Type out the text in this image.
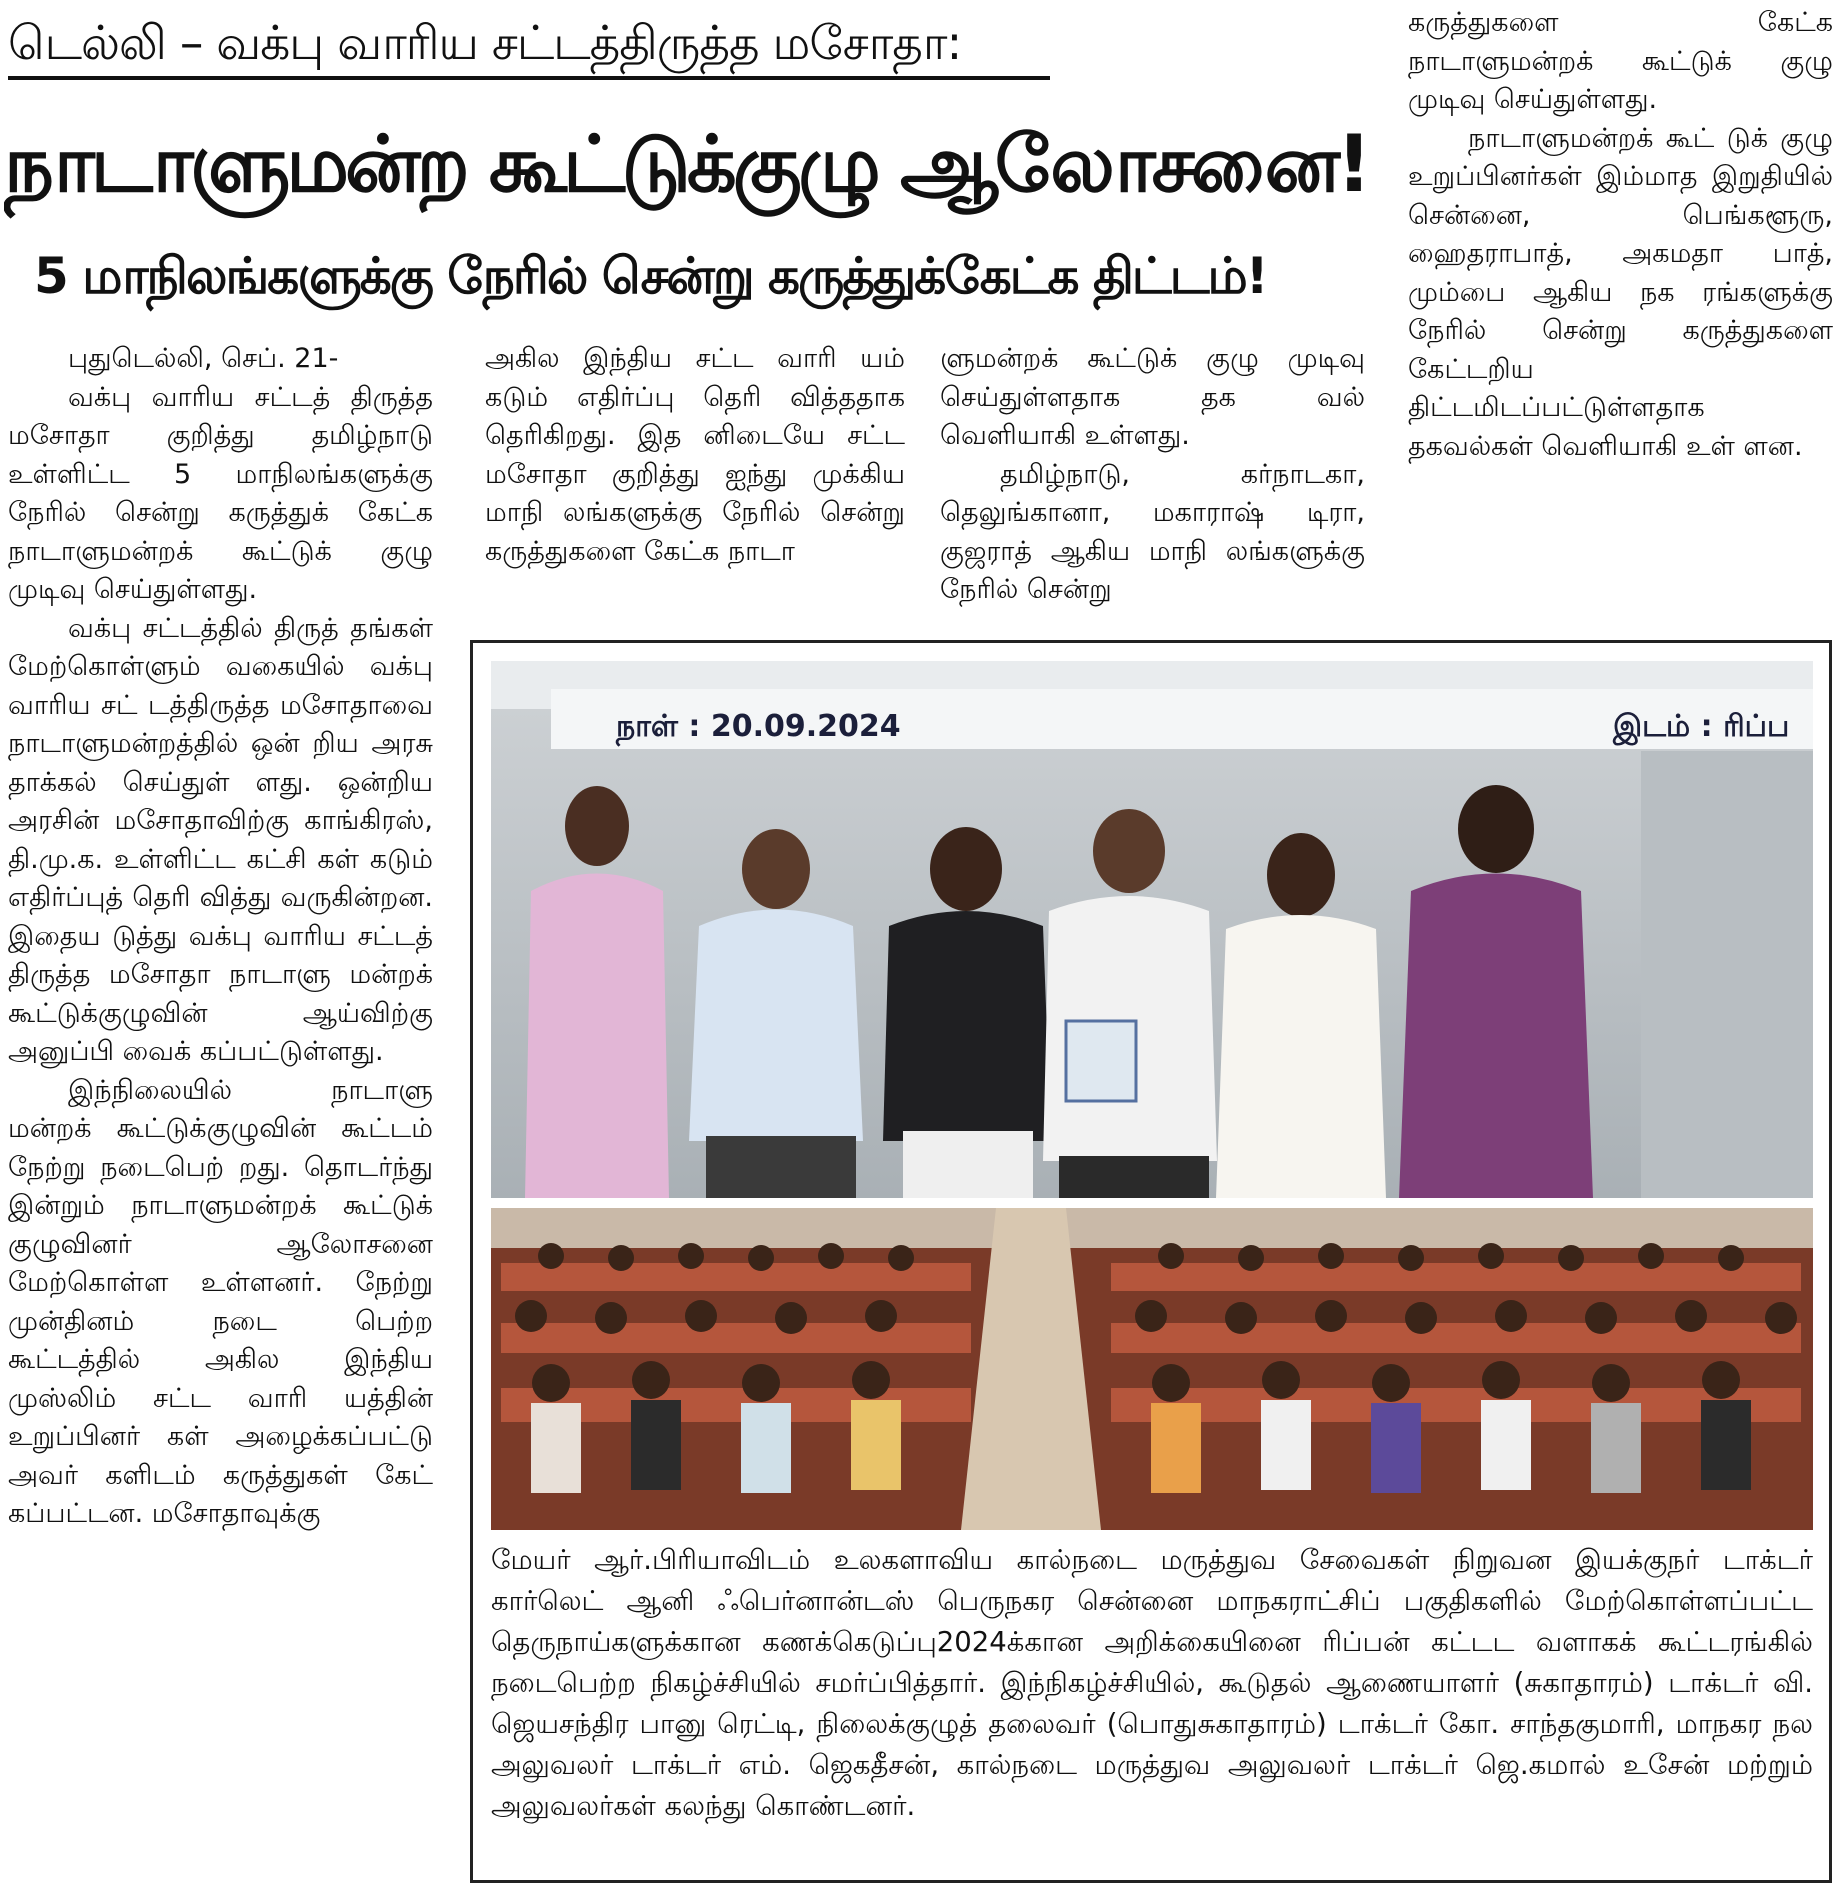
டெல்லி – வக்பு வாரிய சட்டத்திருத்த மசோதா:
நாடாளுமன்ற கூட்டுக்குழு ஆலோசனை!
5 மாநிலங்களுக்கு நேரில் சென்று கருத்துக்கேட்க திட்டம்!

புதுடெல்லி, செப். 21-

வக்பு வாரிய சட்டத் திருத்த மசோதா குறித்து தமிழ்நாடு உள்ளிட்ட 5 மாநிலங்களுக்கு நேரில் சென்று கருத்துக் கேட்க நாடாளுமன்றக் கூட்டுக் குழு முடிவு செய்துள்ளது.

வக்பு சட்டத்தில் திருத் தங்கள் மேற்கொள்ளும் வகையில் வக்பு வாரிய சட் டத்திருத்த மசோதாவை நாடாளுமன்றத்தில் ஒன் றிய அரசு தாக்கல் செய்துள் ளது. ஒன்றிய அரசின் மசோதாவிற்கு காங்கிரஸ், தி.மு.க. உள்ளிட்ட கட்சி கள் கடும் எதிர்ப்புத் தெரி வித்து வருகின்றன. இதைய டுத்து வக்பு வாரிய சட்டத் திருத்த மசோதா நாடாளு மன்றக் கூட்டுக்குழுவின் ஆய்விற்கு அனுப்பி வைக் கப்பட்டுள்ளது.

இந்நிலையில் நாடாளு மன்றக் கூட்டுக்குழுவின் கூட்டம் நேற்று நடைபெற் றது. தொடர்ந்து இன்றும் நாடாளுமன்றக் கூட்டுக் குழுவினர் ஆலோசனை மேற்கொள்ள உள்ளனர். நேற்று முன்தினம் நடை பெற்ற கூட்டத்தில் அகில இந்திய முஸ்லிம் சட்ட வாரி யத்தின் உறுப்பினர் கள் அழைக்கப்பட்டு அவர் களிடம் கருத்துகள் கேட் கப்பட்டன. மசோதாவுக்கு

அகில இந்திய சட்ட வாரி யம் கடும் எதிர்ப்பு தெரி வித்ததாக தெரிகிறது. இத னிடையே சட்ட மசோதா குறித்து ஐந்து முக்கிய மாநி லங்களுக்கு நேரில் சென்று கருத்துகளை கேட்க நாடா

ளுமன்றக் கூட்டுக் குழு முடிவு செய்துள்ளதாக தக வல் வெளியாகி உள்ளது.

தமிழ்நாடு, கர்நாடகா, தெலுங்கானா, மகாராஷ் டிரா, குஜராத் ஆகிய மாநி லங்களுக்கு நேரில் சென்று

கருத்துகளை கேட்க நாடாளுமன்றக் கூட்டுக் குழு முடிவு செய்துள்ளது.

நாடாளுமன்றக் கூட் டுக் குழு உறுப்பினர்கள் இம்மாத இறுதியில் சென்னை, பெங்களூரு, ஹைதராபாத், அகமதா பாத், மும்பை ஆகிய நக ரங்களுக்கு நேரில் சென்று கருத்துகளை கேட்டறிய திட்டமிடப்பட்டுள்ளதாக தகவல்கள் வெளியாகி உள் ளன.

நாள் : 20.09.2024	இடம் : ரிப்ப

மேயர் ஆர்.பிரியாவிடம் உலகளாவிய கால்நடை மருத்துவ சேவைகள் நிறுவன இயக்குநர் டாக்டர் கார்லெட் ஆனி ஃபெர்னான்டஸ் பெருநகர சென்னை மாநகராட்சிப் பகுதிகளில் மேற்கொள்ளப்பட்ட தெருநாய்களுக்கான கணக்கெடுப்பு2024க்கான அறிக்கையினை ரிப்பன் கட்டட வளாகக் கூட்டரங்கில் நடைபெற்ற நிகழ்ச்சியில் சமர்ப்பித்தார். இந்நிகழ்ச்சியில், கூடுதல் ஆணையாளர் (சுகாதாரம்) டாக்டர் வி. ஜெயசந்திர பானு ரெட்டி, நிலைக்குழுத் தலைவர் (பொதுசுகாதாரம்) டாக்டர் கோ. சாந்தகுமாரி, மாநகர நல அலுவலர் டாக்டர் எம். ஜெகதீசன், கால்நடை மருத்துவ அலுவலர் டாக்டர் ஜெ.கமால் உசேன் மற்றும் அலுவலர்கள் கலந்து கொண்டனர்.
